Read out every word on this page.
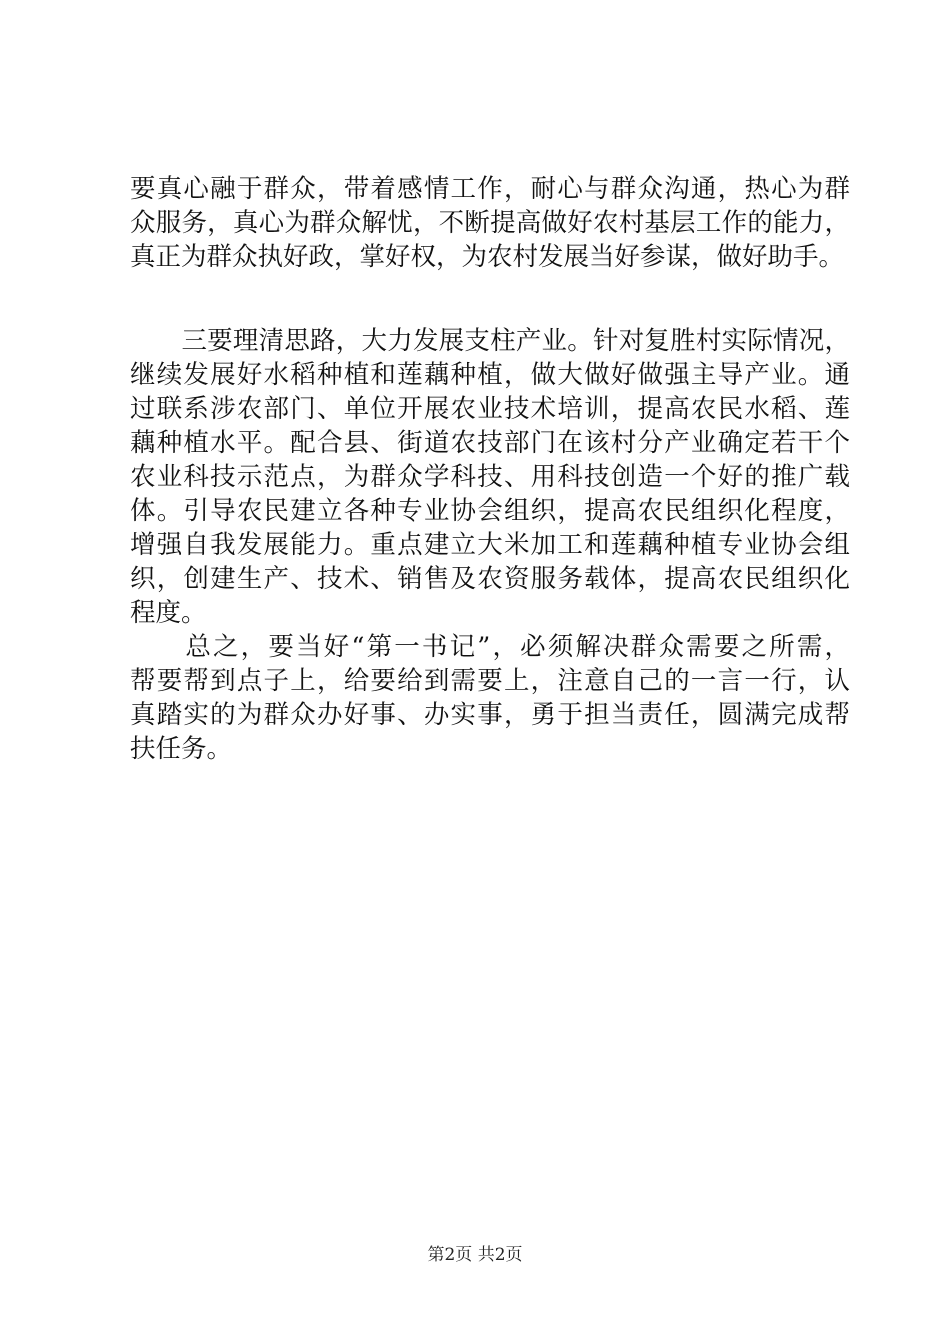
要真心融于群众，带着感情工作，耐心与群众沟通，热心为群
众服务，真心为群众解忧，不断提高做好农村基层工作的能力，
真正为群众执好政，掌好权，为农村发展当好参谋，做好助手。
　　三要理清思路，大力发展支柱产业。针对复胜村实际情况，
继续发展好水稻种植和莲藕种植，做大做好做强主导产业。通
过联系涉农部门、单位开展农业技术培训，提高农民水稻、莲
藕种植水平。配合县、街道农技部门在该村分产业确定若干个
农业科技示范点，为群众学科技、用科技创造一个好的推广载
体。引导农民建立各种专业协会组织，提高农民组织化程度，
增强自我发展能力。重点建立大米加工和莲藕种植专业协会组
织，创建生产、技术、销售及农资服务载体，提高农民组织化
程度。
　　总之，要当好“第一书记”，必须解决群众需要之所需，
帮要帮到点子上，给要给到需要上，注意自己的一言一行，认
真踏实的为群众办好事、办实事，勇于担当责任，圆满完成帮
扶任务。
第2页 共2页
